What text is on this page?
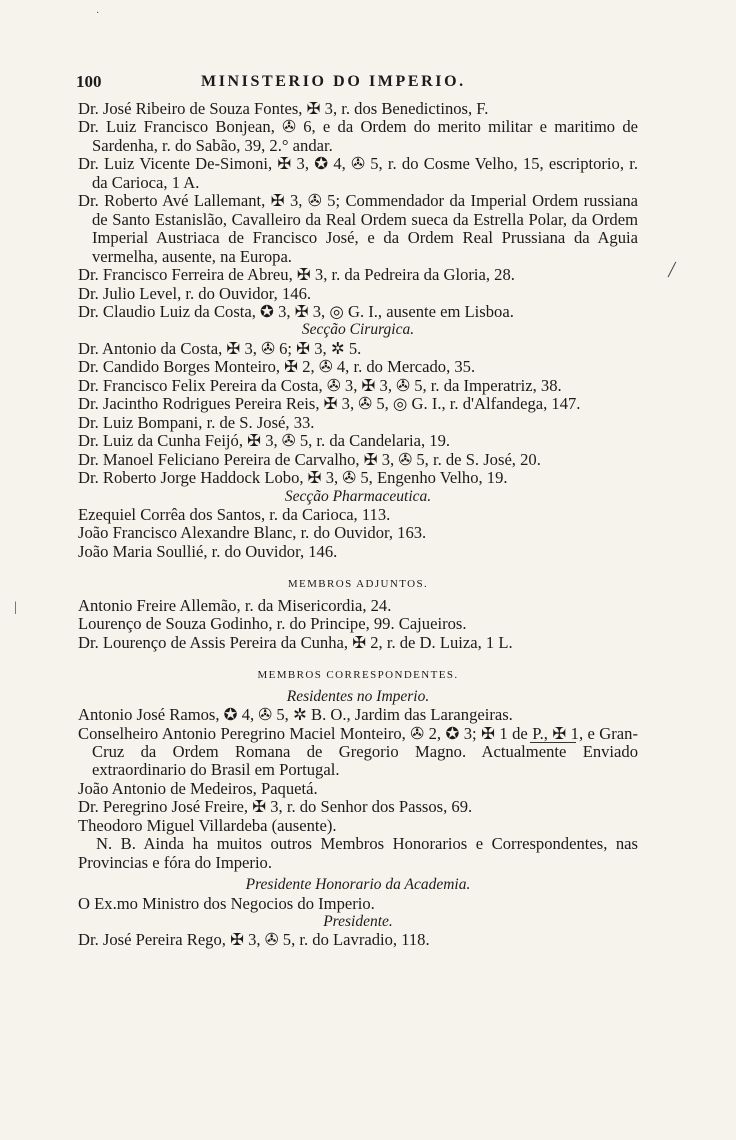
100	MINISTERIO DO IMPERIO.
Dr. José Ribeiro de Souza Fontes, ✠ 3, r. dos Benedictinos, F.
Dr. Luiz Francisco Bonjean, ✇ 6, e da Ordem do merito militar e maritimo de Sardenha, r. do Sabão, 39, 2.° andar.
Dr. Luiz Vicente De-Simoni, ✠ 3, ✪ 4, ✇ 5, r. do Cosme Velho, 15, escriptorio, r. da Carioca, 1 A.
Dr. Roberto Avé Lallemant, ✠ 3, ✇ 5; Commendador da Imperial Ordem russiana de Santo Estanislão, Cavalleiro da Real Ordem sueca da Estrella Polar, da Ordem Imperial Austriaca de Francisco José, e da Ordem Real Prussiana da Aguia vermelha, ausente, na Europa.
Dr. Francisco Ferreira de Abreu, ✠ 3, r. da Pedreira da Gloria, 28.
Dr. Julio Level, r. do Ouvidor, 146.
Dr. Claudio Luiz da Costa, ✪ 3, ✠ 3, ◎ G. I., ausente em Lisboa.
Secção Cirurgica.
Dr. Antonio da Costa, ✠ 3, ✇ 6; ✠ 3, ✲ 5.
Dr. Candido Borges Monteiro, ✠ 2, ✇ 4, r. do Mercado, 35.
Dr. Francisco Felix Pereira da Costa, ✇ 3, ✠ 3, ✇ 5, r. da Imperatriz, 38.
Dr. Jacintho Rodrigues Pereira Reis, ✠ 3, ✇ 5, ◎ G. I., r. d'Alfandega, 147.
Dr. Luiz Bompani, r. de S. José, 33.
Dr. Luiz da Cunha Feijó, ✠ 3, ✇ 5, r. da Candelaria, 19.
Dr. Manoel Feliciano Pereira de Carvalho, ✠ 3, ✇ 5, r. de S. José, 20.
Dr. Roberto Jorge Haddock Lobo, ✠ 3, ✇ 5, Engenho Velho, 19.
Secção Pharmaceutica.
Ezequiel Corrêa dos Santos, r. da Carioca, 113.
João Francisco Alexandre Blanc, r. do Ouvidor, 163.
João Maria Soullié, r. do Ouvidor, 146.
MEMBROS ADJUNTOS.
Antonio Freire Allemão, r. da Misericordia, 24.
Lourenço de Souza Godinho, r. do Principe, 99. Cajueiros.
Dr. Lourenço de Assis Pereira da Cunha, ✠ 2, r. de D. Luiza, 1 L.
MEMBROS CORRESPONDENTES.
Residentes no Imperio.
Antonio José Ramos, ✪ 4, ✇ 5, ✲ B. O., Jardim das Larangeiras.
Conselheiro Antonio Peregrino Maciel Monteiro, ✇ 2, ✪ 3; ✠ 1 de P., ✠ 1, e Gran-Cruz da Ordem Romana de Gregorio Magno. Actualmente Enviado extraordinario do Brasil em Portugal.
João Antonio de Medeiros, Paquetá.
Dr. Peregrino José Freire, ✠ 3, r. do Senhor dos Passos, 69.
Theodoro Miguel Villardeba (ausente).
N. B. Ainda ha muitos outros Membros Honorarios e Correspondentes, nas Provincias e fóra do Imperio.
Presidente Honorario da Academia.
O Ex.mo Ministro dos Negocios do Imperio.
Presidente.
Dr. José Pereira Rego, ✠ 3, ✇ 5, r. do Lavradio, 118.
·
|
╱
